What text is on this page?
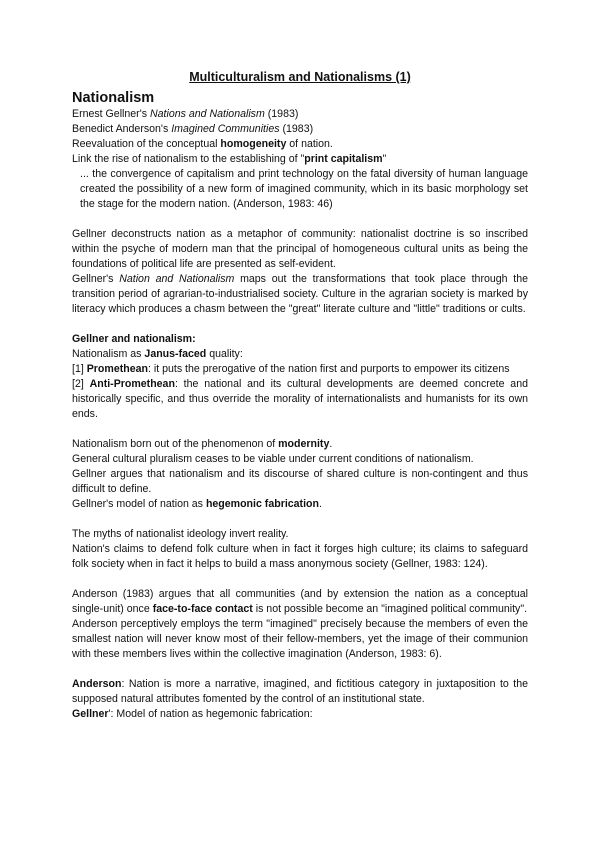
Multiculturalism and Nationalisms (1)
Nationalism

Ernest Gellner's Nations and Nationalism (1983)

Benedict Anderson's Imagined Communities (1983)

Reevaluation of the conceptual homogeneity of nation.

Link the rise of nationalism to the establishing of "print capitalism"

... the convergence of capitalism and print technology on the fatal diversity of human language created the possibility of a new form of imagined community, which in its basic morphology set the stage for the modern nation. (Anderson, 1983: 46)

Gellner deconstructs nation as a metaphor of community: nationalist doctrine is so inscribed within the psyche of modern man that the principal of homogeneous cultural units as being the foundations of political life are presented as self-evident.

Gellner's Nation and Nationalism maps out the transformations that took place through the transition period of agrarian-to-industrialised society. Culture in the agrarian society is marked by literacy which produces a chasm between the "great" literate culture and "little" traditions or cults.

Gellner and nationalism:

Nationalism as Janus-faced quality:

[1] Promethean: it puts the prerogative of the nation first and purports to empower its citizens

[2] Anti-Promethean: the national and its cultural developments are deemed concrete and historically specific, and thus override the morality of internationalists and humanists for its own ends.

Nationalism born out of the phenomenon of modernity.

General cultural pluralism ceases to be viable under current conditions of nationalism.

Gellner argues that nationalism and its discourse of shared culture is non-contingent and thus difficult to define.

Gellner's model of nation as hegemonic fabrication.

The myths of nationalist ideology invert reality.

Nation's claims to defend folk culture when in fact it forges high culture; its claims to safeguard folk society when in fact it helps to build a mass anonymous society (Gellner, 1983: 124).

Anderson (1983) argues that all communities (and by extension the nation as a conceptual single-unit) once face-to-face contact is not possible become an "imagined political community".

Anderson perceptively employs the term "imagined" precisely because the members of even the smallest nation will never know most of their fellow-members, yet the image of their communion with these members lives within the collective imagination (Anderson, 1983: 6).

Anderson: Nation is more a narrative, imagined, and fictitious category in juxtaposition to the supposed natural attributes fomented by the control of an institutional state.

Gellner': Model of nation as hegemonic fabrication:
